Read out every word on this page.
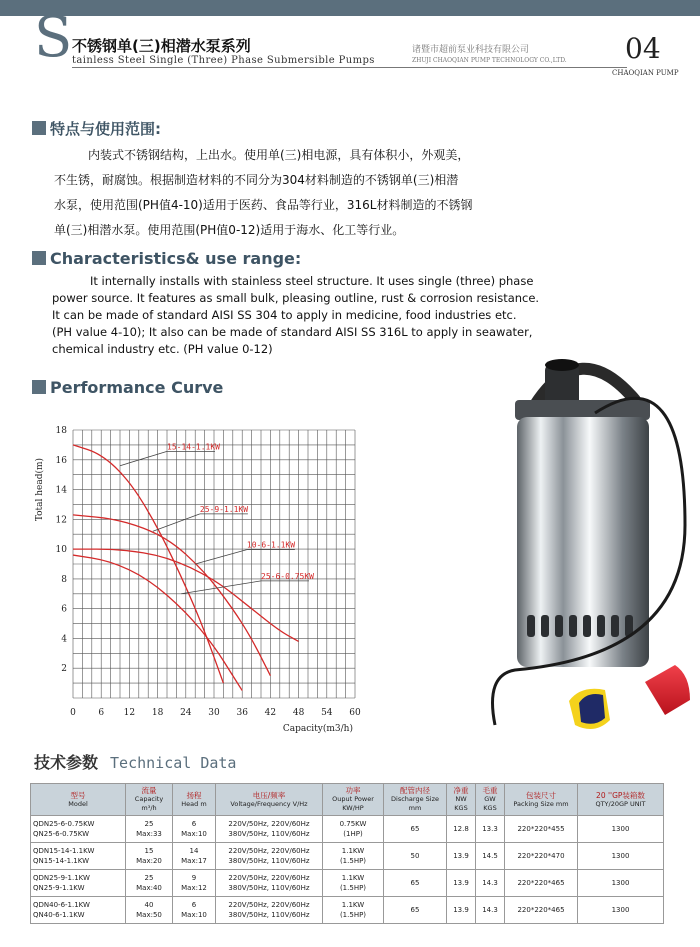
S 不锈钢单(三)相潜水泵系列
tainless Steel Single (Three) Phase Submersible Pumps
诸暨市超前泵业科技有限公司
ZHUJI CHAOQIAN PUMP TECHNOLOGY CO.,LTD. 04
CHAOQIAN PUMP
特点与使用范围:
内装式不锈钢结构，上出水。使用单(三)相电源，具有体积小，外观美，
不生锈，耐腐蚀。根据制造材料的不同分为304材料制造的不锈钢单(三)相潜
水泵，使用范围(PH值4-10)适用于医药、食品等行业，316L材料制造的不锈钢
单(三)相潜水泵。使用范围(PH值0-12)适用于海水、化工等行业。
Characteristics& use range:
It internally installs with stainless steel structure. It uses single (three) phase
power source. It features as small bulk, pleasing outline, rust & corrosion resistance.
It can be made of standard AISI SS 304 to apply in medicine, food industries etc.
(PH value 4-10); It also can be made of standard AISI SS 316L to apply in seawater,
chemical industry etc. (PH value 0-12)
Performance Curve
0 6 12 18 24 30 36 42 48 54 60
2
4
6
8
10
12
14
16
18
Capacity(m3/h)
Total head(m)
15-14-1.1KW
25-9-1.1KW
10-6-1.1KW
25-6-0.75KW
技术参数 Technical Data
型号
Model	流量
Capacity m³/h	扬程
Head m	电压/频率
Voltage/Frequency V/Hz	功率
Ouput Power KW/HP	配管内径
Discharge Size mm	净重
NW KGS	毛重
GW KGS	包装尺寸
Packing Size mm	20 ''GP装箱数
QTY/20GP UNIT

QDN25-6-0.75KW
QN25-6-0.75KW	25
Max:33	6
Max:10	220V/50Hz, 220V/60Hz
380V/50Hz, 110V/60Hz	0.75KW
(1HP)	65	12.8	13.3	220*220*455	1300

QDN15-14-1.1KW
QN15-14-1.1KW	15
Max:20	14
Max:17	220V/50Hz, 220V/60Hz
380V/50Hz, 110V/60Hz	1.1KW
(1.5HP)	50	13.9	14.5	220*220*470	1300

QDN25-9-1.1KW
QN25-9-1.1KW	25
Max:40	9
Max:12	220V/50Hz, 220V/60Hz
380V/50Hz, 110V/60Hz	1.1KW
(1.5HP)	65	13.9	14.3	220*220*465	1300

QDN40-6-1.1KW
QN40-6-1.1KW	40
Max:50	6
Max:10	220V/50Hz, 220V/60Hz
380V/50Hz, 110V/60Hz	1.1KW
(1.5HP)	65	13.9	14.3	220*220*465	1300
